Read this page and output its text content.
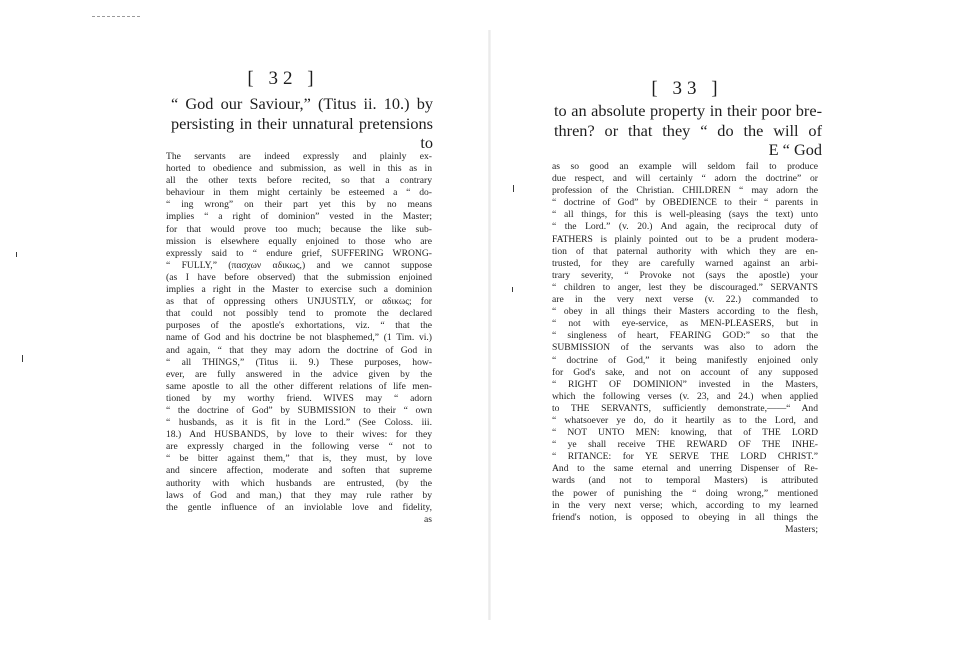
[ 32 ]
“ God our Saviour,” (Titus ii. 10.) by
persisting in their unnatural pretensions
to
The servants are indeed expressly and plainly ex-
horted to obedience and submission, as well in this as in
all the other texts before recited, so that a contrary
behaviour in them might certainly be esteemed a “ do-
“ ing wrong” on their part yet this by no means
implies “ a right of dominion” vested in the Master;
for that would prove too much; because the like sub-
mission is elsewhere equally enjoined to those who are
expressly said to “ endure grief, SUFFERING WRONG-
“ FULLY,” (πασχων αδικως,) and we cannot suppose
(as I have before observed) that the submission enjoined
implies a right in the Master to exercise such a dominion
as that of oppressing others UNJUSTLY, or αδικως; for
that could not possibly tend to promote the declared
purposes of the apostle's exhortations, viz. “ that the
name of God and his doctrine be not blasphemed,” (1 Tim. vi.)
and again, “ that they may adorn the doctrine of God in
“ all THINGS,” (Titus ii. 9.) These purposes, how-
ever, are fully answered in the advice given by the
same apostle to all the other different relations of life men-
tioned by my worthy friend. WIVES may “ adorn
“ the doctrine of God” by SUBMISSION to their “ own
“ husbands, as it is fit in the Lord.” (See Coloss. iii.
18.) And HUSBANDS, by love to their wives: for they
are expressly charged in the following verse “ not to
“ be bitter against them,” that is, they must, by love
and sincere affection, moderate and soften that supreme
authority with which husbands are entrusted, (by the
laws of God and man,) that they may rule rather by
the gentle influence of an inviolable love and fidelity,
as
[ 33 ]
to an absolute property in their poor bre-
thren? or that they “ do the will of
E “ God
as so good an example will seldom fail to produce
due respect, and will certainly “ adorn the doctrine” or
profession of the Christian. CHILDREN “ may adorn the
“ doctrine of God” by OBEDIENCE to their “ parents in
“ all things, for this is well-pleasing (says the text) unto
“ the Lord.” (v. 20.) And again, the reciprocal duty of
FATHERS is plainly pointed out to be a prudent modera-
tion of that paternal authority with which they are en-
trusted, for they are carefully warned against an arbi-
trary severity, “ Provoke not (says the apostle) your
“ children to anger, lest they be discouraged.” SERVANTS
are in the very next verse (v. 22.) commanded to
“ obey in all things their Masters according to the flesh,
“ not with eye-service, as MEN-PLEASERS, but in
“ singleness of heart, FEARING GOD:” so that the
SUBMISSION of the servants was also to adorn the
“ doctrine of God,” it being manifestly enjoined only
for God's sake, and not on account of any supposed
“ RIGHT OF DOMINION” invested in the Masters,
which the following verses (v. 23, and 24.) when applied
to THE SERVANTS, sufficiently demonstrate,——“ And
“ whatsoever ye do, do it heartily as to the Lord, and
“ NOT UNTO MEN: knowing, that of THE LORD
“ ye shall receive THE REWARD OF THE INHE-
“ RITANCE: for YE SERVE THE LORD CHRIST.”
And to the same eternal and unerring Dispenser of Re-
wards (and not to temporal Masters) is attributed
the power of punishing the “ doing wrong,” mentioned
in the very next verse; which, according to my learned
friend's notion, is opposed to obeying in all things the
Masters;
